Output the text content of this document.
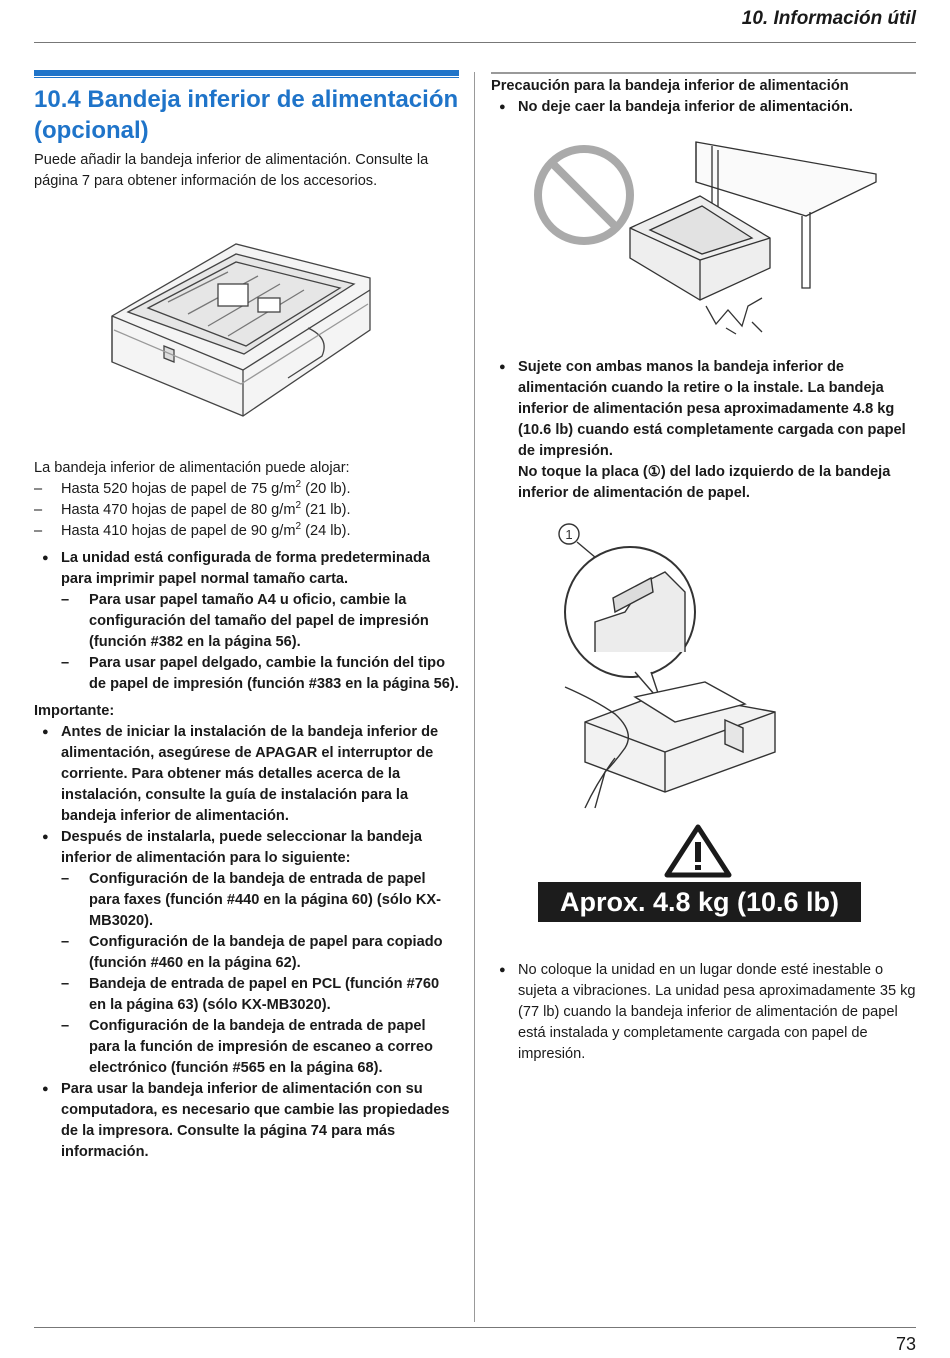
10. Información útil
73
10.4 Bandeja inferior de alimentación (opcional)
Puede añadir la bandeja inferior de alimentación. Consulte la página 7 para obtener información de los accesorios.

La bandeja inferior de alimentación puede alojar:

– Hasta 520 hojas de papel de 75 $g/m^2$ (20 lb).

– Hasta 470 hojas de papel de 80 $g/m^2$ (21 lb).

– Hasta 410 hojas de papel de 90 $g/m^2$ (24 lb).

● La unidad está configurada de forma predeterminada para imprimir papel normal tamaño carta.

– Para usar papel tamaño A4 u oficio, cambie la configuración del tamaño del papel de impresión (función #382 en la página 56).

– Para usar papel delgado, cambie la función del tipo de papel de impresión (función #383 en la página 56).

Importante:

● Antes de iniciar la instalación de la bandeja inferior de alimentación, asegúrese de APAGAR el interruptor de corriente. Para obtener más detalles acerca de la instalación, consulte la guía de instalación para la bandeja inferior de alimentación.

● Después de instalarla, puede seleccionar la bandeja inferior de alimentación para lo siguiente:

– Configuración de la bandeja de entrada de papel para faxes (función #440 en la página 60) (sólo KX-MB3020).

– Configuración de la bandeja de papel para copiado (función #460 en la página 62).

– Bandeja de entrada de papel en PCL (función #760 en la página 63) (sólo KX-MB3020).

– Configuración de la bandeja de entrada de papel para la función de impresión de escaneo a correo electrónico (función #565 en la página 68).

● Para usar la bandeja inferior de alimentación con su computadora, es necesario que cambie las propiedades de la impresora. Consulte la página 74 para más información.

Precaución para la bandeja inferior de alimentación

● No deje caer la bandeja inferior de alimentación.

● Sujete con ambas manos la bandeja inferior de alimentación cuando la retire o la instale. La bandeja inferior de alimentación pesa aproximadamente 4.8 kg (10.6 lb) cuando está completamente cargada con papel de impresión.

No toque la placa (①) del lado izquierdo de la bandeja inferior de alimentación de papel.

1
Aprox. 4.8 kg (10.6 lb)

● No coloque la unidad en un lugar donde esté inestable o sujeta a vibraciones. La unidad pesa aproximadamente 35 kg (77 lb) cuando la bandeja inferior de alimentación de papel está instalada y completamente cargada con papel de impresión.
